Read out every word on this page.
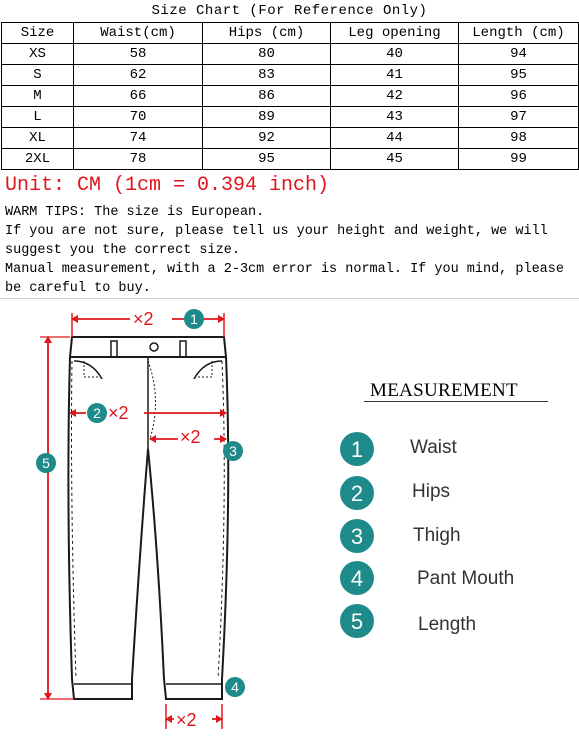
Size Chart (For Reference Only)
Size	Waist(cm)	Hips (cm)	Leg opening	Length (cm)
XS	58	80	40	94
S	62	83	41	95
M	66	86	42	96
L	70	89	43	97
XL	74	92	44	98
2XL	78	95	45	99
Unit: CM (1cm = 0.394 inch)

WARM TIPS: The size is European.

If you are not sure, please tell us your height and weight, we will suggest you the correct size.

Manual measurement, with a 2-3cm error is normal. If you mind, please be careful to buy.

×2
×2
×2
×2
1
2
3
4
5
1
2
3
4
5
MEASUREMENT
Waist
Hips
Thigh
Pant Mouth
Length
